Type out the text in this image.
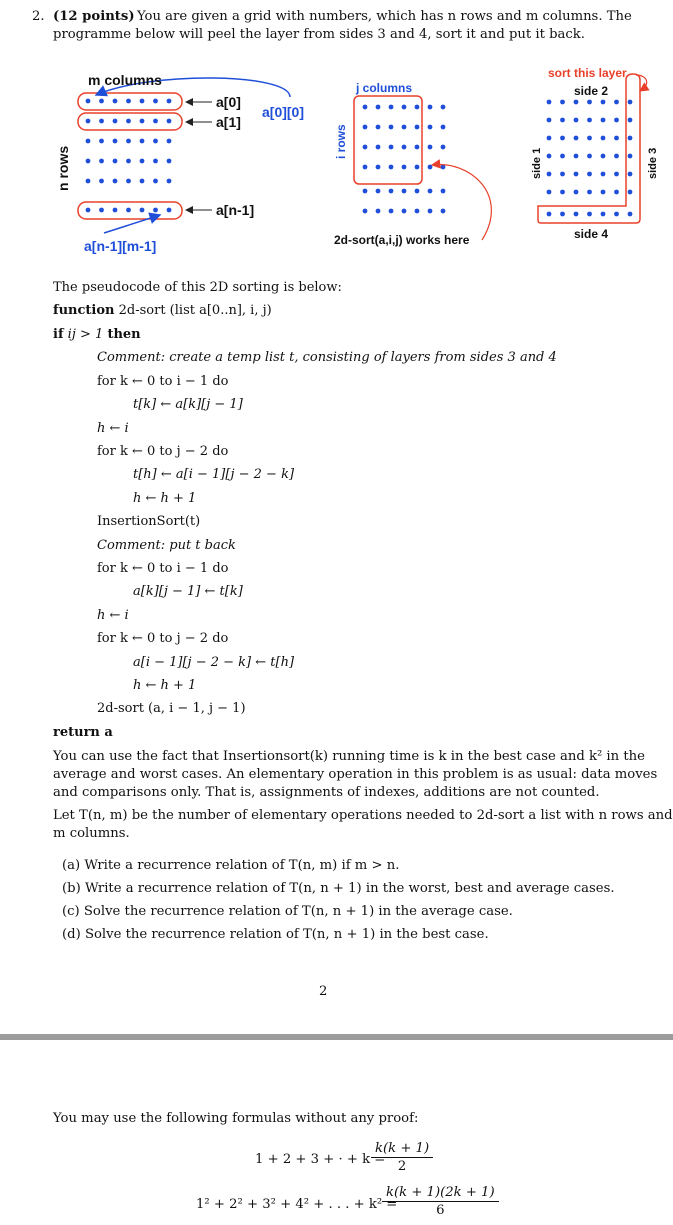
2. (12 points) You are given a grid with numbers, which has n rows and m columns. The
programme below will peel the layer from sides 3 and 4, sort it and put it back.
m columns
n rows
a[0]
a[1]
a[0][0]
a[n-1]
a[n-1][m-1]
j columns
i rows
2d-sort(a,i,j) works here
sort this layer
side 2
side 1	side 3
side 4
The pseudocode of this 2D sorting is below:
function 2d-sort (list a[0..n], i, j)
if ij > 1 then
Comment: create a temp list t, consisting of layers from sides 3 and 4
for k ← 0 to i − 1 do
t[k] ← a[k][j − 1]
h ← i
for k ← 0 to j − 2 do
t[h] ← a[i − 1][j − 2 − k]
h ← h + 1
InsertionSort(t)
Comment: put t back
for k ← 0 to i − 1 do
a[k][j − 1] ← t[k]
h ← i
for k ← 0 to j − 2 do
a[i − 1][j − 2 − k] ← t[h]
h ← h + 1
2d-sort (a, i − 1, j − 1)
return a
You can use the fact that Insertionsort(k) running time is k in the best case and k² in the
average and worst cases. An elementary operation in this problem is as usual: data moves
and comparisons only. That is, assignments of indexes, additions are not counted.
Let T(n, m) be the number of elementary operations needed to 2d-sort a list with n rows and
m columns.
(a) Write a recurrence relation of T(n, m) if m > n.
(b) Write a recurrence relation of T(n, n + 1) in the worst, best and average cases.
(c) Solve the recurrence relation of T(n, n + 1) in the average case.
(d) Solve the recurrence relation of T(n, n + 1) in the best case.
2
You may use the following formulas without any proof:
1 + 2 + 3 + · + k =
$\frac{k(k + 1)}{2}$
1² + 2² + 3² + 4² + . . . + k² =
$\frac{k(k + 1)(2k + 1)}{6}$
